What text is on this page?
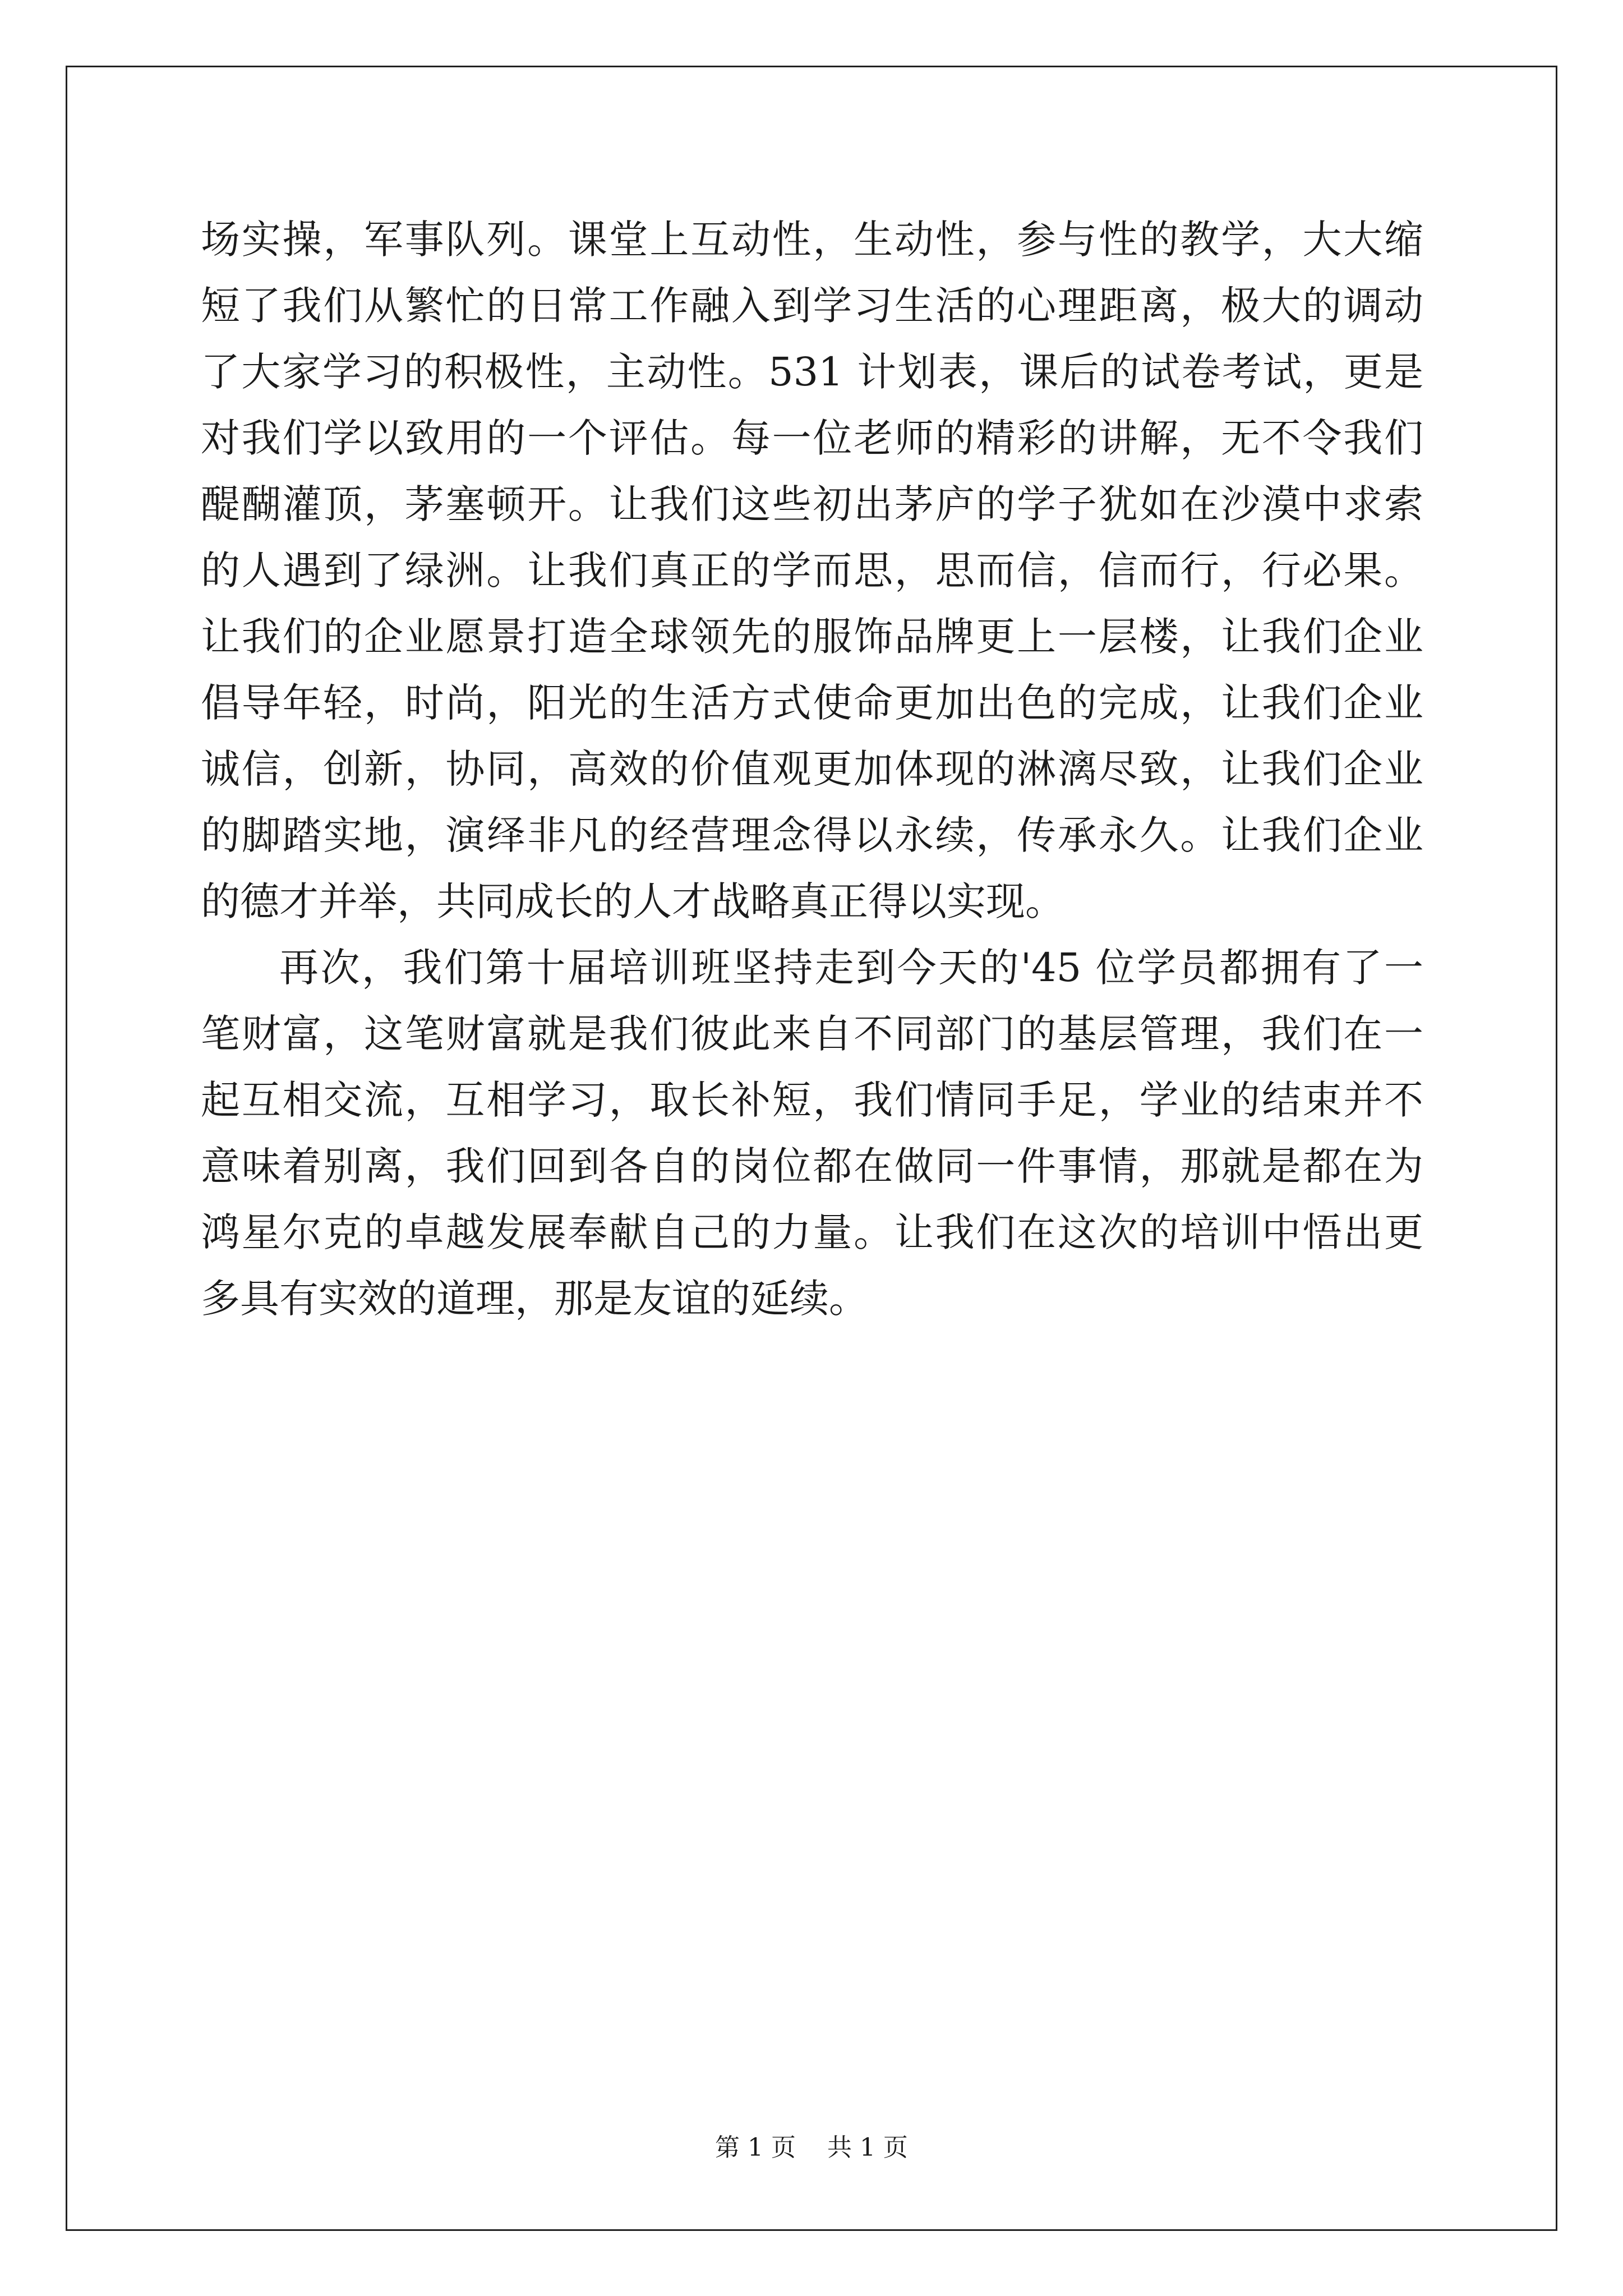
场实操，军事队列。课堂上互动性，生动性，参与性的教学，大大缩
短了我们从繁忙的日常工作融入到学习生活的心理距离，极大的调动
了大家学习的积极性，主动性。531 计划表，课后的试卷考试，更是
对我们学以致用的一个评估。每一位老师的精彩的讲解，无不令我们
醍醐灌顶，茅塞顿开。让我们这些初出茅庐的学子犹如在沙漠中求索
的人遇到了绿洲。让我们真正的学而思，思而信，信而行，行必果。
让我们的企业愿景打造全球领先的服饰品牌更上一层楼，让我们企业
倡导年轻，时尚，阳光的生活方式使命更加出色的完成，让我们企业
诚信，创新，协同，高效的价值观更加体现的淋漓尽致，让我们企业
的脚踏实地，演绎非凡的经营理念得以永续，传承永久。让我们企业
的德才并举，共同成长的人才战略真正得以实现。
再次，我们第十届培训班坚持走到今天的'45 位学员都拥有了一
笔财富，这笔财富就是我们彼此来自不同部门的基层管理，我们在一
起互相交流，互相学习，取长补短，我们情同手足，学业的结束并不
意味着别离，我们回到各自的岗位都在做同一件事情，那就是都在为
鸿星尔克的卓越发展奉献自己的力量。让我们在这次的培训中悟出更
多具有实效的道理，那是友谊的延续。
第 1 页    共 1 页
